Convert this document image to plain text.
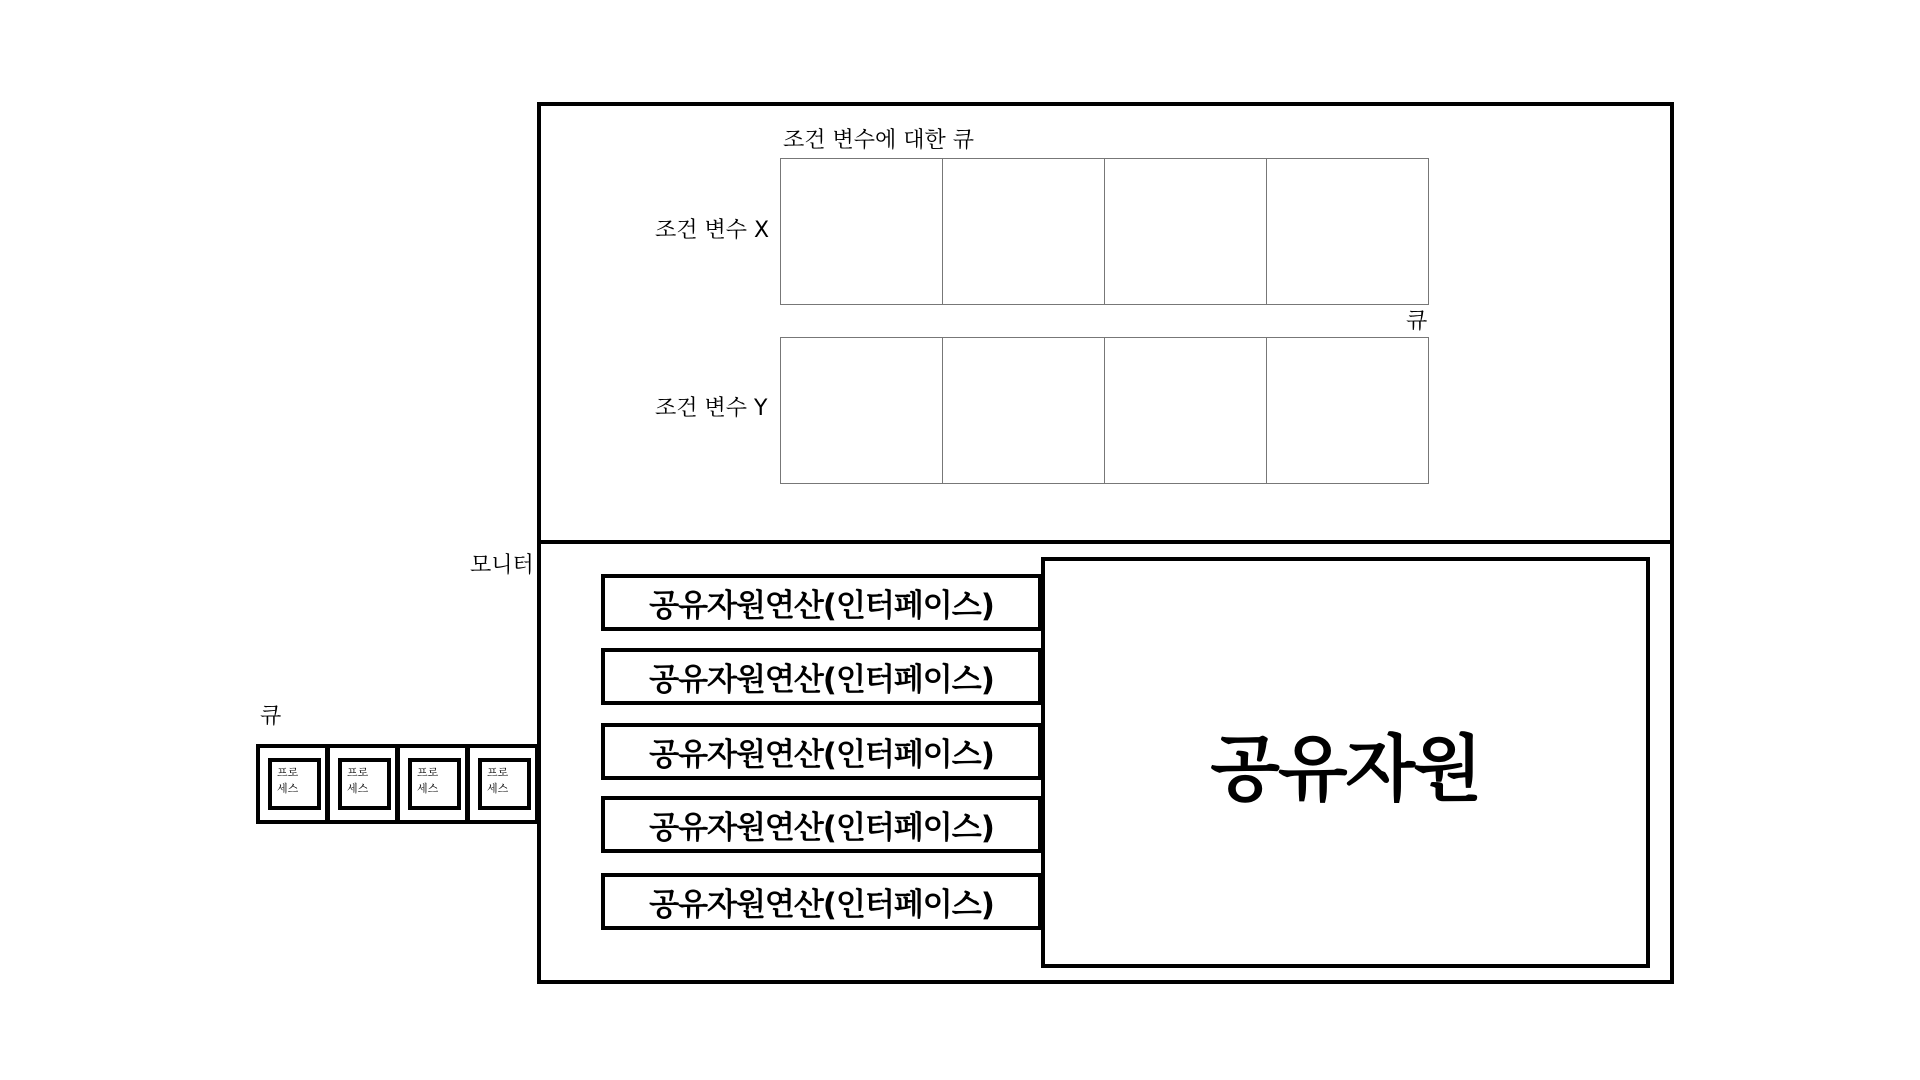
조건 변수에 대한 큐
조건 변수 X
조건 변수 Y
큐
모니터
공유자원연산(인터페이스)
공유자원연산(인터페이스)
공유자원연산(인터페이스)
공유자원연산(인터페이스)
공유자원연산(인터페이스)
공유자원
큐
프로
세스
프로
세스
프로
세스
프로
세스
